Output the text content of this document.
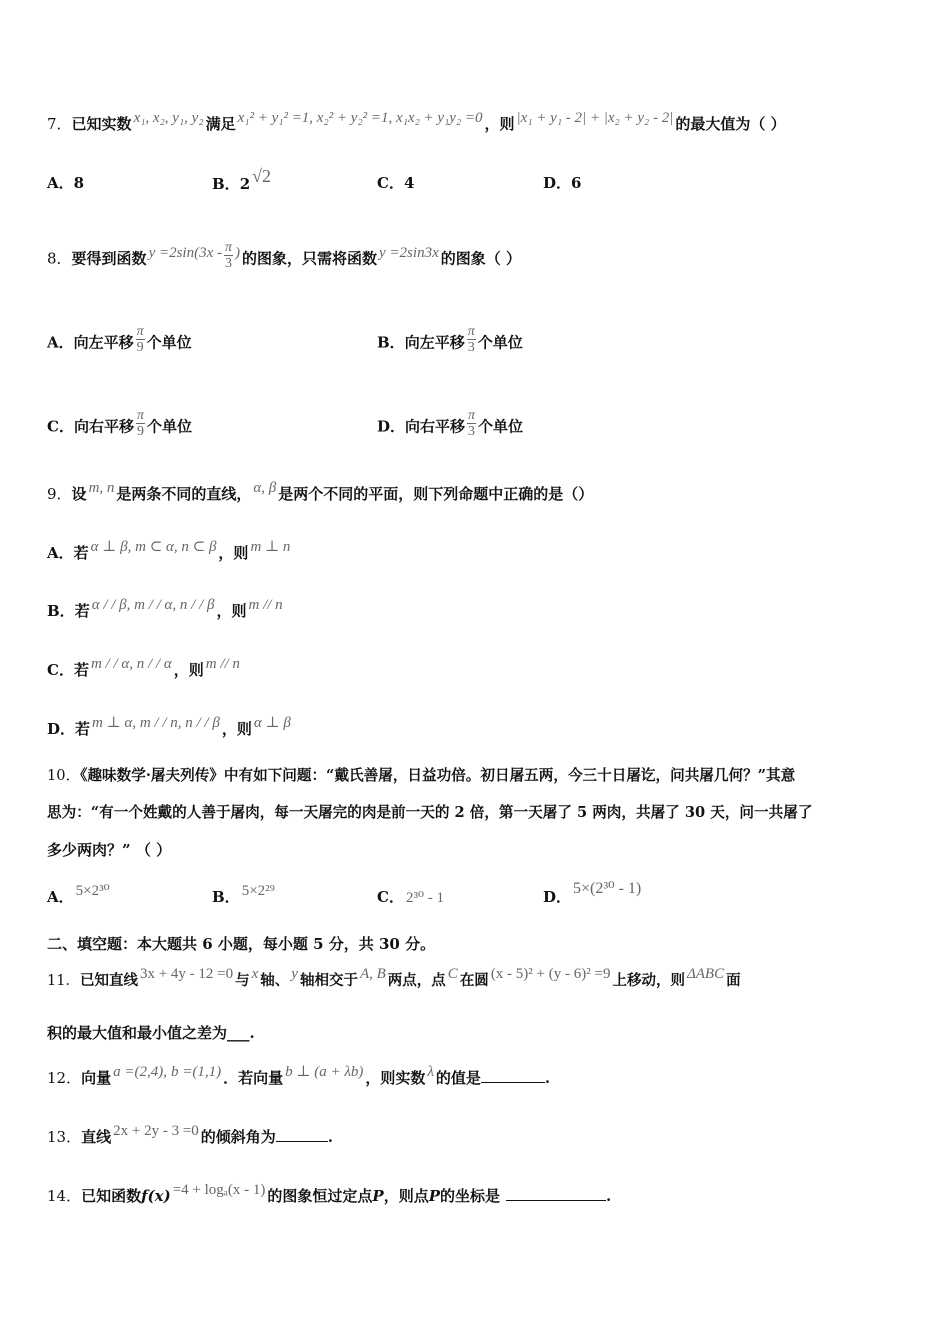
7．已知实数 x₁, x₂, y₁, y₂ 满足 x₁² + y₁² =1, x₂² + y₂² =1, x₁x₂ + y₁y₂ =0 ，则 |x₁ + y₁ - 2| + |x₂ + y₂ - 2| 的最大值为（ ）
A．8	B．2 √2	C．4	D．6
8．要得到函数 $y =2\sin(3x - \frac{\pi}{3}$ ) 的图象，只需将函数 y =2sin3x 的图象（ ）
A．向左平移 $\frac{\pi}{9}$ 个单位	B．向左平移 $\frac{\pi}{3}$ 个单位
C．向右平移 $\frac{\pi}{9}$ 个单位	D．向右平移 $\frac{\pi}{3}$ 个单位
9．设 m, n 是两条不同的直线， α, β 是两个不同的平面，则下列命题中正确的是（）
A．若 α ⊥ β, m ⊂ α, n ⊂ β ，则 m ⊥ n
B．若 α / / β, m / / α, n / / β ，则 m // n
C．若 m / / α, n / / α ，则 m // n
D．若 m ⊥ α, m / / n, n / / β ，则 α ⊥ β
10．《趣味数学·屠夫列传》中有如下问题：“戴氏善屠，日益功倍。初日屠五两，今三十日屠讫，问共屠几何？”其意
思为：“有一个姓戴的人善于屠肉，每一天屠完的肉是前一天的 2 倍，第一天屠了 5 两肉，共屠了 30 天，问一共屠了
多少两肉？” （ ）
A． 5×2³⁰	B． 5×2²⁹	C． 2³⁰ - 1	D． 5×(2³⁰ - 1)
二、填空题：本大题共 6 小题，每小题 5 分，共 30 分。
11．已知直线 3x + 4y - 12 =0 与 x 轴、 y 轴相交于 A, B 两点，点 C 在圆 (x - 5)² + (y - 6)² =9 上移动，则 ΔABC 面
积的最大值和最小值之差为___.
12．向量 a =(2,4), b =(1,1) ．若向量 b ⊥ (a + λb) ，则实数 λ 的值是	.
13．直线 2x + 2y - 3 =0 的倾斜角为	.
14．已知函数f(x) =4 + logₐ(x - 1) 的图象恒过定点P，则点P的坐标是	.
